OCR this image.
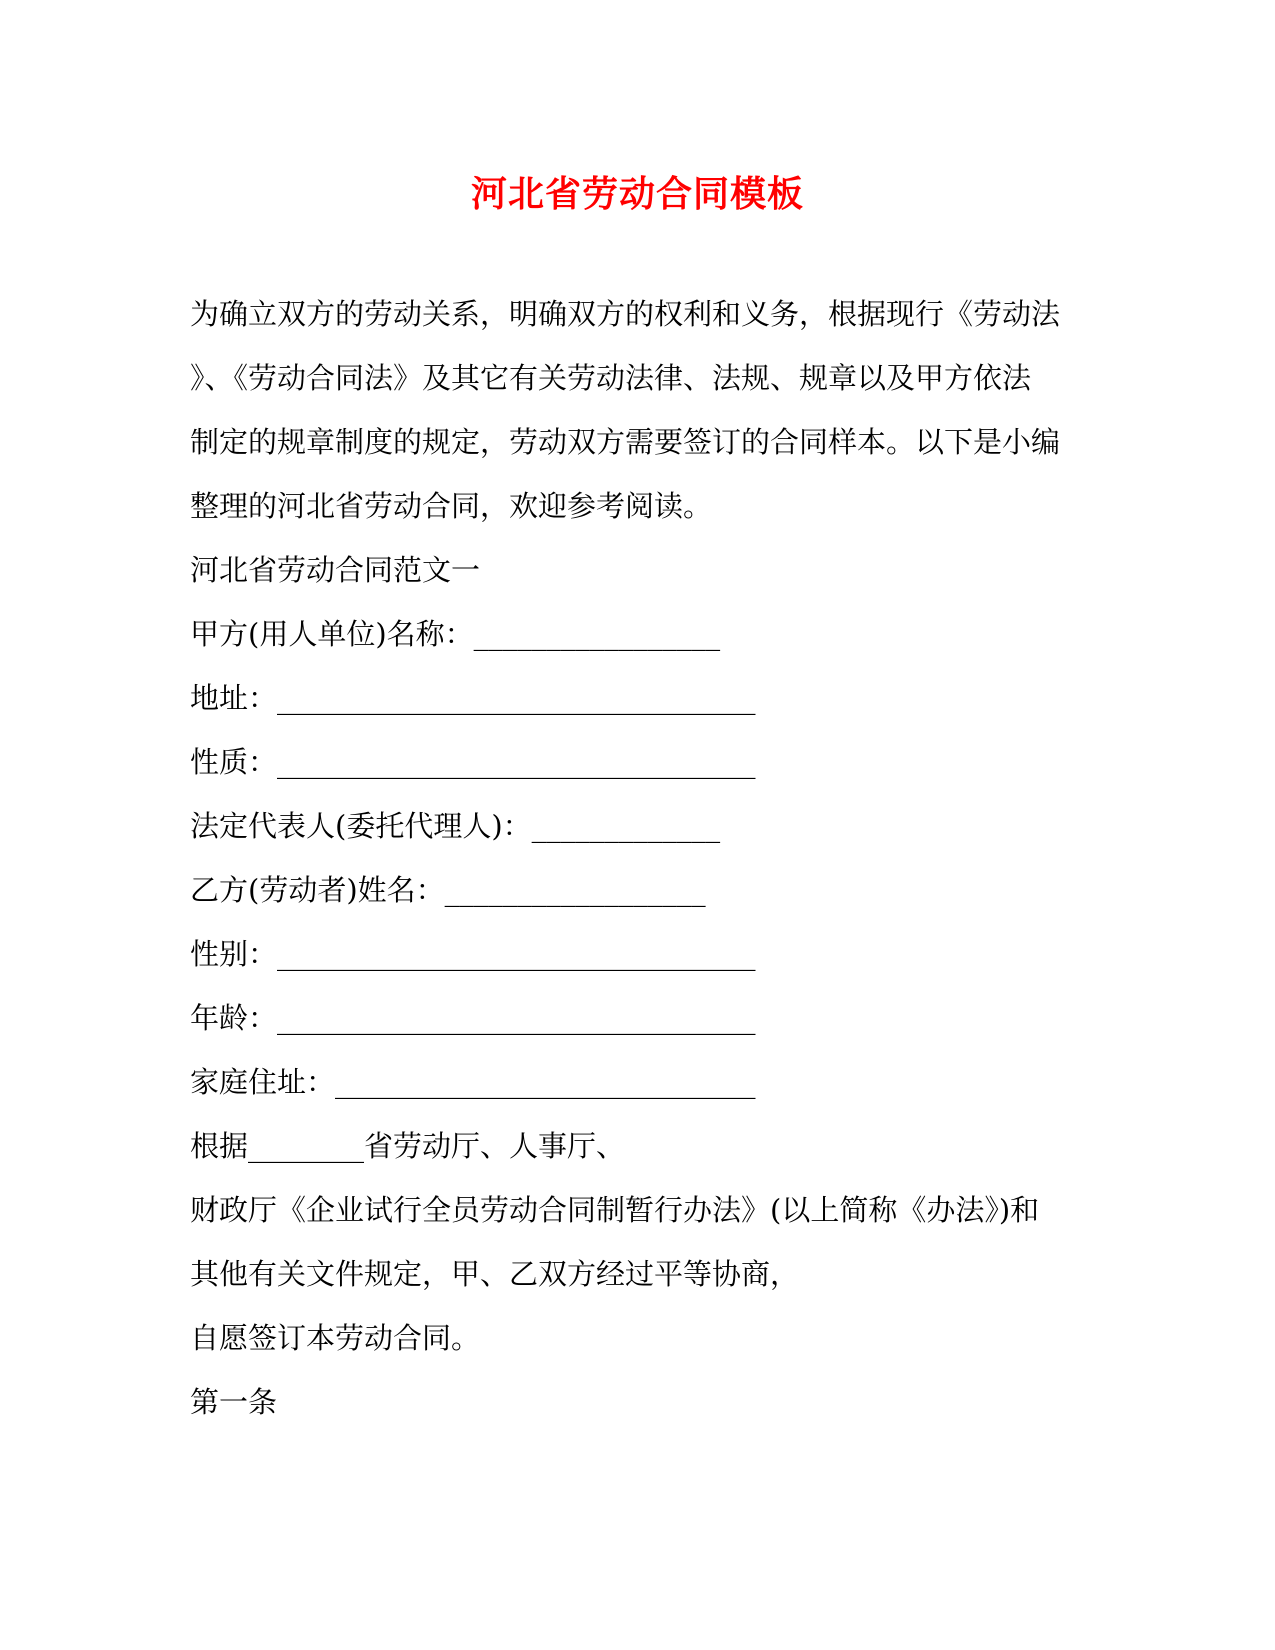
河北省劳动合同模板

为确立双方的劳动关系，明确双方的权利和义务，根据现行《劳动法

》、《劳动合同法》及其它有关劳动法律、法规、规章以及甲方依法

制定的规章制度的规定，劳动双方需要签订的合同样本。以下是小编

整理的河北省劳动合同，欢迎参考阅读。

河北省劳动合同范文一

甲方(用人单位)名称：_________________

地址：_________________________________

性质：_________________________________

法定代表人(委托代理人)：_____________

乙方(劳动者)姓名：__________________

性别：_________________________________

年龄：_________________________________

家庭住址：_____________________________

根据________省劳动厅、人事厅、

财政厅《企业试行全员劳动合同制暂行办法》(以上简称《办法》)和

其他有关文件规定，甲、乙双方经过平等协商，

自愿签订本劳动合同。

第一条
